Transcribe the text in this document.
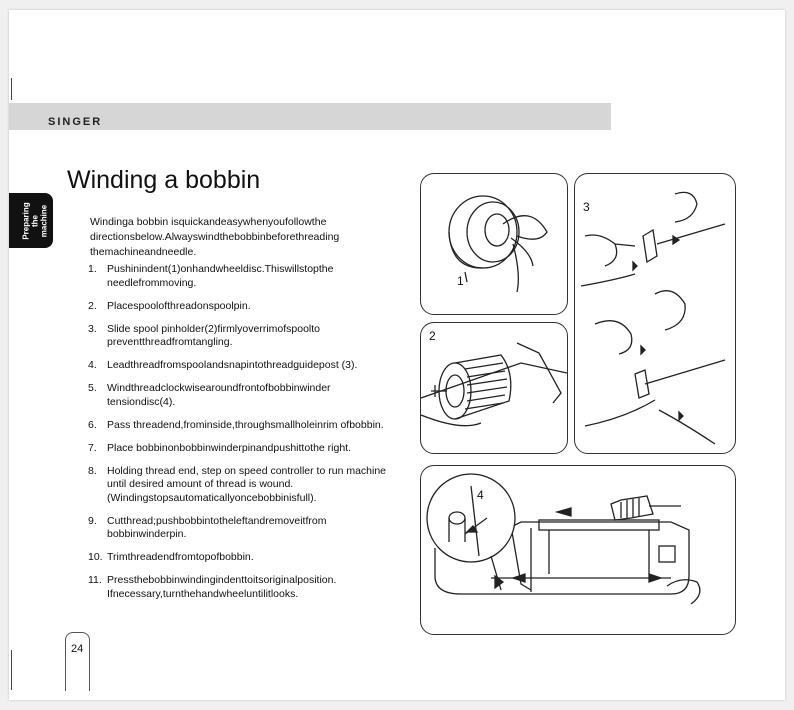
SINGER
Preparing the machine
Winding a bobbin
Windinga bobbin isquickandeasywhenyoufollowthe directionsbelow.Alwayswindthebobbinbeforethreading themachineandneedle.
1. Pushinindent(1)onhandwheeldisc.Thiswillstopthe needlefrommoving.
2. Placespoolofthreadonspoolpin.
3. Slide spool pinholder(2)firmlyoverrimofspoolto preventthreadfromtangling.
4. Leadthreadfromspoolandsnapintothreadguidepost (3).
5. Windthreadclockwisearoundfrontofbobbinwinder tensiondisc(4).
6. Pass threadend,frominside,throughsmallholeinrim ofbobbin.
7. Place bobbinonbobbinwinderpinandpushittothe right.
8. Holding thread end, step on speed controller to run machine until desired amount of thread is wound. (Windingstopsautomaticallyoncebobbinisfull).
9. Cutthread;pushbobbintotheleftandremoveitfrom bobbinwinderpin.
10. Trimthreadendfromtopofbobbin.
11. Pressthebobbinwindingindenttoitsoriginalposition. Ifnecessary,turnthehandwheeluntilitlooks.
24
1
2
3
4
